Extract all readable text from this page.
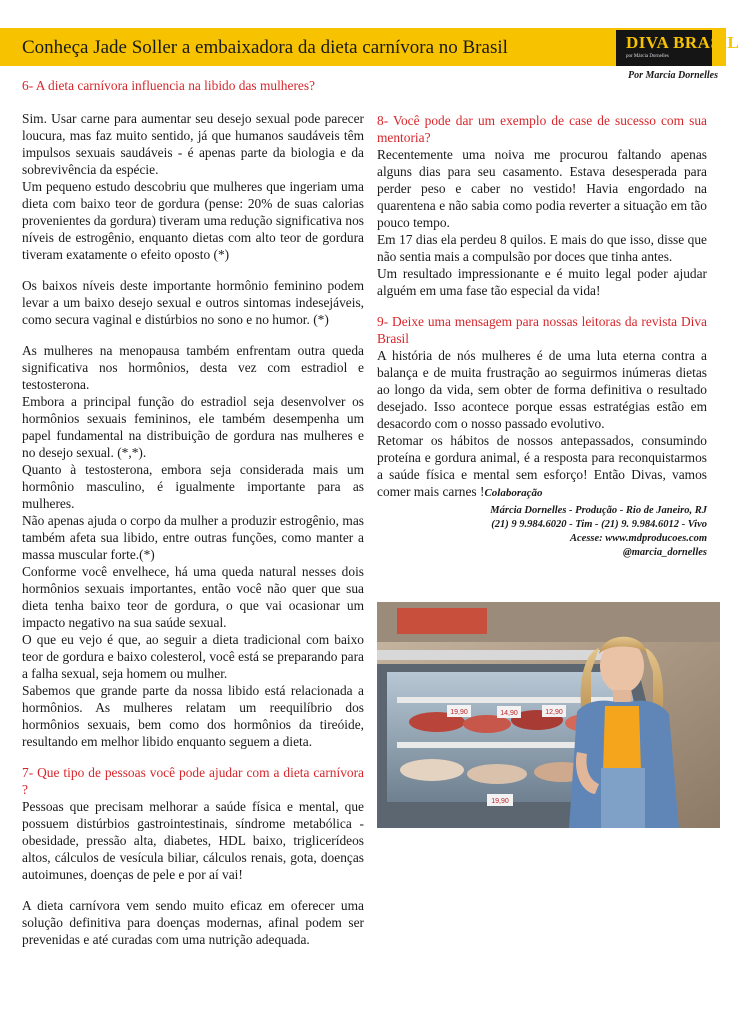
Conheça Jade Soller a embaixadora da dieta carnívora no Brasil	DIVA BRASIL
por Márcia Dornelles
Por Marcia Dornelles

6- A dieta carnívora influencia na libido das mulheres?

Sim. Usar carne para aumentar seu desejo sexual pode parecer loucura, mas faz muito sentido, já que humanos saudáveis têm impulsos sexuais saudáveis - é apenas parte da biologia e da sobrevivência da espécie.

Um pequeno estudo descobriu que mulheres que ingeriam uma dieta com baixo teor de gordura (pense: 20% de suas calorias provenientes da gordura) tiveram uma redução significativa nos níveis de estrogênio, enquanto dietas com alto teor de gordura tiveram exatamente o efeito oposto (*)

Os baixos níveis deste importante hormônio feminino podem levar a um baixo desejo sexual e outros sintomas indesejáveis, como secura vaginal e distúrbios no sono e no humor. (*)

As mulheres na menopausa também enfrentam outra queda significativa nos hormônios, desta vez com estradiol e testosterona.

Embora a principal função do estradiol seja desenvolver os hormônios sexuais femininos, ele também desempenha um papel fundamental na distribuição de gordura nas mulheres e no desejo sexual. (*,*).

Quanto à testosterona, embora seja considerada mais um hormônio masculino, é igualmente importante para as mulheres.

Não apenas ajuda o corpo da mulher a produzir estrogênio, mas também afeta sua libido, entre outras funções, como manter a massa muscular forte.(*)

Conforme você envelhece, há uma queda natural nesses dois hormônios sexuais importantes, então você não quer que sua dieta tenha baixo teor de gordura, o que vai ocasionar um impacto negativo na sua saúde sexual.

O que eu vejo é que, ao seguir a dieta tradicional com baixo teor de gordura e baixo colesterol, você está se preparando para a falha sexual, seja homem ou mulher.

Sabemos que grande parte da nossa libido está relacionada a hormônios. As mulheres relatam um reequilíbrio dos hormônios sexuais, bem como dos hormônios da tireóide, resultando em melhor libido enquanto seguem a dieta.

7- Que tipo de pessoas você pode ajudar com a dieta carnívora ?

Pessoas que precisam melhorar a saúde física e mental, que possuem distúrbios gastrointestinais, síndrome metabólica - obesidade, pressão alta, diabetes, HDL baixo, triglicerídeos altos, cálculos de vesícula biliar, cálculos renais, gota, doenças autoimunes, doenças de pele e por aí vai!

A dieta carnívora vem sendo muito eficaz em oferecer uma solução definitiva para doenças modernas, afinal podem ser prevenidas e até curadas com uma nutrição adequada.

8- Você pode dar um exemplo de case de sucesso com sua mentoria?

Recentemente uma noiva me procurou faltando apenas alguns dias para seu casamento. Estava desesperada para perder peso e caber no vestido! Havia engordado na quarentena e não sabia como podia reverter a situação em tão pouco tempo.

Em 17 dias ela perdeu 8 quilos. E mais do que isso, disse que não sentia mais a compulsão por doces que tinha antes.

Um resultado impressionante e é muito legal poder ajudar alguém em uma fase tão especial da vida!

9- Deixe uma mensagem para nossas leitoras da revista Diva Brasil

A história de nós mulheres é de uma luta eterna contra a balança e de muita frustração ao seguirmos inúmeras dietas ao longo da vida, sem obter de forma definitiva o resultado desejado. Isso acontece porque essas estratégias estão em desacordo com o nosso passado evolutivo.

Retomar os hábitos de nossos antepassados, consumindo proteína e gordura animal, é a resposta para reconquistarmos a saúde física e mental sem esforço! Então Divas, vamos comer mais carnes !Colaboração

Márcia Dornelles - Produção - Rio de Janeiro, RJ
(21) 9 9.984.6020 - Tim - (21) 9. 9.984.6012 - Vivo
Acesse: www.mdproducoes.com
@marcia_dornelles
19,90	14,90	12,90
19,90
